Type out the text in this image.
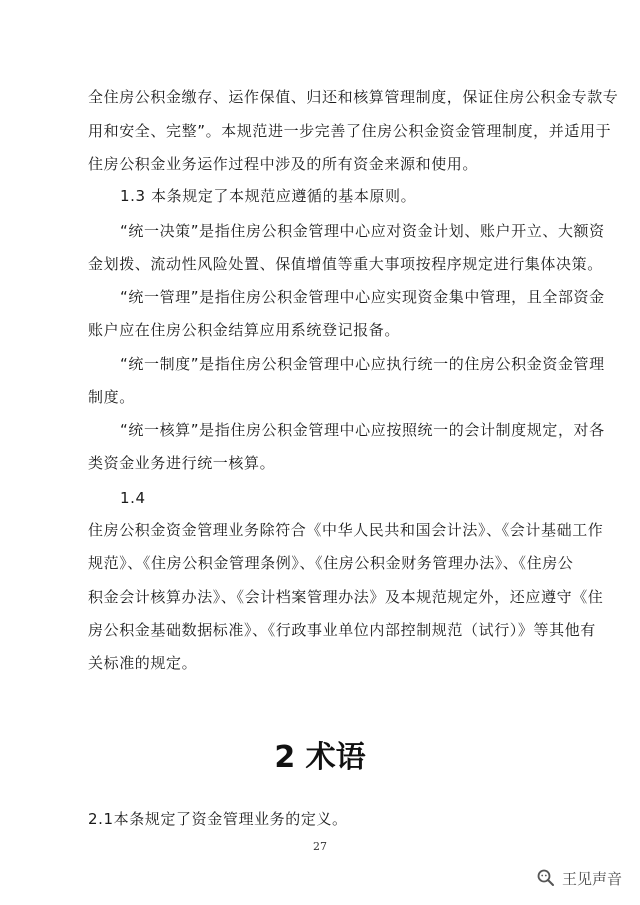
全住房公积金缴存、运作保值、归还和核算管理制度，保证住房公积金专款专
用和安全、完整”。本规范进一步完善了住房公积金资金管理制度，并适用于
住房公积金业务运作过程中涉及的所有资金来源和使用。
1.3 本条规定了本规范应遵循的基本原则。
“统一决策”是指住房公积金管理中心应对资金计划、账户开立、大额资
金划拨、流动性风险处置、保值增值等重大事项按程序规定进行集体决策。
“统一管理”是指住房公积金管理中心应实现资金集中管理，且全部资金
账户应在住房公积金结算应用系统登记报备。
“统一制度”是指住房公积金管理中心应执行统一的住房公积金资金管理
制度。
“统一核算”是指住房公积金管理中心应按照统一的会计制度规定，对各
类资金业务进行统一核算。
1.4
住房公积金资金管理业务除符合《中华人民共和国会计法》、《会计基础工作
规范》、《住房公积金管理条例》、《住房公积金财务管理办法》、《住房公
积金会计核算办法》、《会计档案管理办法》及本规范规定外，还应遵守《住
房公积金基础数据标准》、《行政事业单位内部控制规范（试行）》等其他有
关标准的规定。
2 术语
2.1本条规定了资金管理业务的定义。
27
王见声音
